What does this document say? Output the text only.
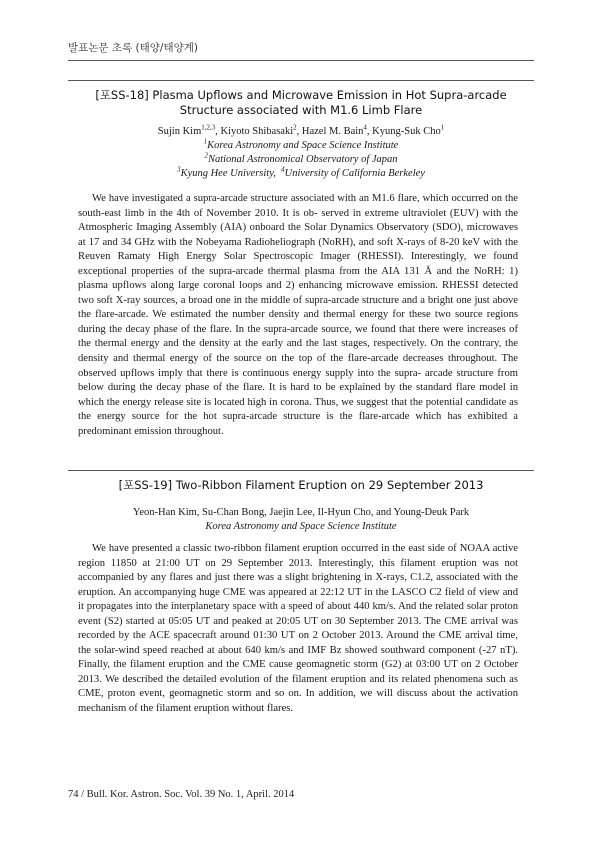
발표논문 초록 (태양/태양계)
[포SS-18] Plasma Upflows and Microwave Emission in Hot Supra-arcade
Structure associated with M1.6 Limb Flare
Sujin Kim$^{1,2,3}$, Kiyoto Shibasaki$^2$, Hazel M. Bain$^4$, Kyung-Suk Cho$^1$
$^1$Korea Astronomy and Space Science Institute
$^2$National Astronomical Observatory of Japan
$^3$Kyung Hee University, $^4$University of California Berkeley

We have investigated a supra-arcade structure associated with an M1.6 flare, which occurred on the south-east limb in the 4th of November 2010. It is ob- served in extreme ultraviolet (EUV) with the Atmospheric Imaging Assembly (AIA) onboard the Solar Dynamics Observatory (SDO), microwaves at 17 and 34 GHz with the Nobeyama Radioheliograph (NoRH), and soft X-rays of 8-20 keV with the Reuven Ramaty High Energy Solar Spectroscopic Imager (RHESSI). Interestingly, we found exceptional properties of the supra-arcade thermal plasma from the AIA 131 Å and the NoRH: 1) plasma upflows along large coronal loops and 2) enhancing microwave emission. RHESSI detected two soft X-ray sources, a broad one in the middle of supra-arcade structure and a bright one just above the flare-arcade. We estimated the number density and thermal energy for these two source regions during the decay phase of the flare. In the supra-arcade source, we found that there were increases of the thermal energy and the density at the early and the last stages, respectively. On the contrary, the density and thermal energy of the source on the top of the flare-arcade decreases throughout. The observed upflows imply that there is continuous energy supply into the supra- arcade structure from below during the decay phase of the flare. It is hard to be explained by the standard flare model in which the energy release site is located high in corona. Thus, we suggest that the potential candidate as the energy source for the hot supra-arcade structure is the flare-arcade which has exhibited a predominant emission throughout.

[포SS-19] Two-Ribbon Filament Eruption on 29 September 2013
Yeon-Han Kim, Su-Chan Bong, Jaejin Lee, Il-Hyun Cho, and Young-Deuk Park
Korea Astronomy and Space Science Institute

We have presented a classic two-ribbon filament eruption occurred in the east side of NOAA active region 11850 at 21:00 UT on 29 September 2013. Interestingly, this filament eruption was not accompanied by any flares and just there was a slight brightening in X-rays, C1.2, associated with the eruption. An accompanying huge CME was appeared at 22:12 UT in the LASCO C2 field of view and it propagates into the interplanetary space with a speed of about 440 km/s. And the related solar proton event (S2) started at 05:05 UT and peaked at 20:05 UT on 30 September 2013. The CME arrival was recorded by the ACE spacecraft around 01:30 UT on 2 October 2013. Around the CME arrival time, the solar-wind speed reached at about 640 km/s and IMF Bz showed southward component (-27 nT). Finally, the filament eruption and the CME cause geomagnetic storm (G2) at 03:00 UT on 2 October 2013. We described the detailed evolution of the filament eruption and its related phenomena such as CME, proton event, geomagnetic storm and so on. In addition, we will discuss about the activation mechanism of the filament eruption without flares.

74 / Bull. Kor. Astron. Soc. Vol. 39 No. 1, April. 2014
